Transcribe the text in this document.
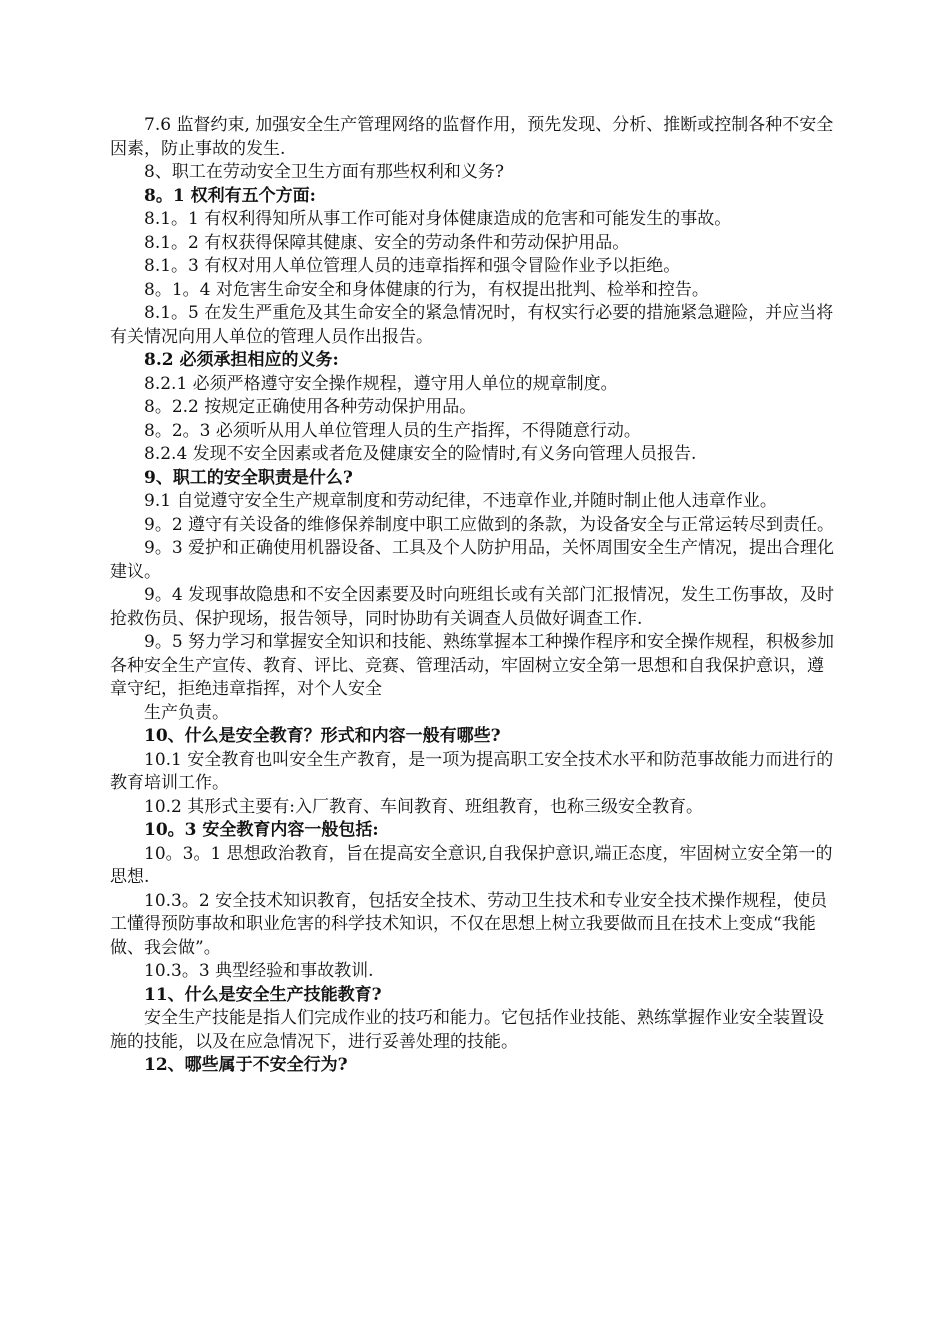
7.6 监督约束, 加强安全生产管理网络的监督作用，预先发现、分析、推断或控制各种不安全因素，防止事故的发生.

8、职工在劳动安全卫生方面有那些权利和义务?

8。1 权利有五个方面:

8.1。1 有权利得知所从事工作可能对身体健康造成的危害和可能发生的事故。

8.1。2 有权获得保障其健康、安全的劳动条件和劳动保护用品。

8.1。3 有权对用人单位管理人员的违章指挥和强令冒险作业予以拒绝。

8。1。4 对危害生命安全和身体健康的行为，有权提出批判、检举和控告。

8.1。5 在发生严重危及其生命安全的紧急情况时，有权实行必要的措施紧急避险，并应当将有关情况向用人单位的管理人员作出报告。

8.2 必须承担相应的义务:

8.2.1 必须严格遵守安全操作规程，遵守用人单位的规章制度。

8。2.2 按规定正确使用各种劳动保护用品。

8。2。3 必须听从用人单位管理人员的生产指挥，不得随意行动。

8.2.4 发现不安全因素或者危及健康安全的险情时,有义务向管理人员报告.

9、职工的安全职责是什么?

9.1 自觉遵守安全生产规章制度和劳动纪律，不违章作业,并随时制止他人违章作业。

9。2 遵守有关设备的维修保养制度中职工应做到的条款，为设备安全与正常运转尽到责任。

9。3 爱护和正确使用机器设备、工具及个人防护用品，关怀周围安全生产情况，提出合理化建议。

9。4 发现事故隐患和不安全因素要及时向班组长或有关部门汇报情况，发生工伤事故，及时抢救伤员、保护现场，报告领导，同时协助有关调查人员做好调查工作.

9。5 努力学习和掌握安全知识和技能、熟练掌握本工种操作程序和安全操作规程，积极参加各种安全生产宣传、教育、评比、竞赛、管理活动，牢固树立安全第一思想和自我保护意识，遵章守纪，拒绝违章指挥，对个人安全

生产负责。

10、什么是安全教育？形式和内容一般有哪些?

10.1 安全教育也叫安全生产教育，是一项为提高职工安全技术水平和防范事故能力而进行的教育培训工作。

10.2 其形式主要有:入厂教育、车间教育、班组教育，也称三级安全教育。

10。3 安全教育内容一般包括:

10。3。1 思想政治教育，旨在提高安全意识,自我保护意识,端正态度，牢固树立安全第一的思想.

10.3。2 安全技术知识教育，包括安全技术、劳动卫生技术和专业安全技术操作规程，使员工懂得预防事故和职业危害的科学技术知识，不仅在思想上树立我要做而且在技术上变成“我能做、我会做”。

10.3。3 典型经验和事故教训.

11、什么是安全生产技能教育?

安全生产技能是指人们完成作业的技巧和能力。它包括作业技能、熟练掌握作业安全装置设施的技能，以及在应急情况下，进行妥善处理的技能。

12、哪些属于不安全行为?
